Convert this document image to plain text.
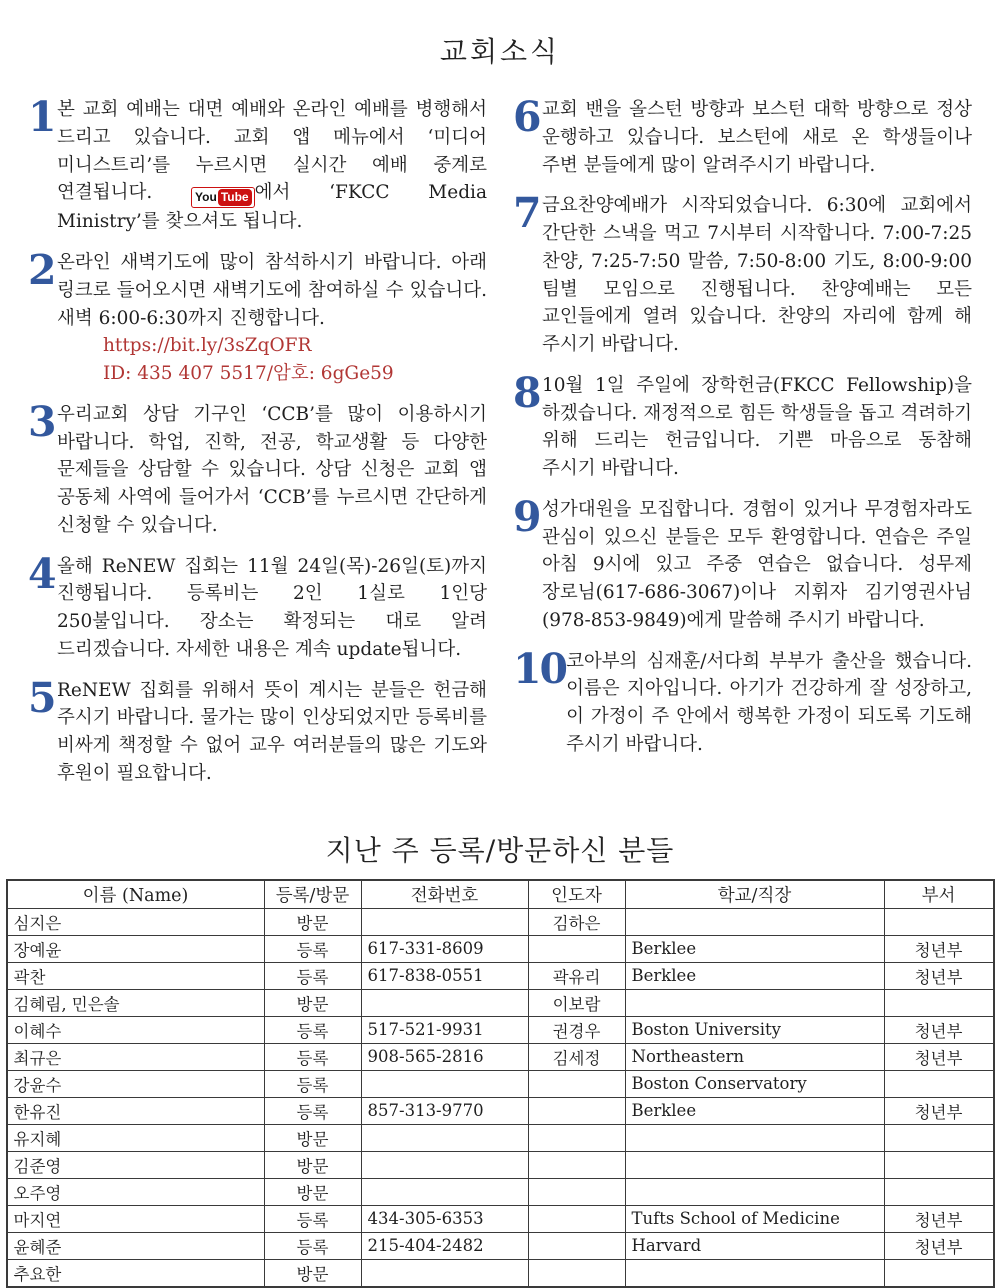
교회소식
1 본 교회 예배는 대면 예배와 온라인 예배를 병행해서 드리고 있습니다. 교회 앱 메뉴에서 ‘미디어 미니스트리’를 누르시면 실시간 예배 중계로 연결됩니다. You Tube 에서 ‘FKCC Media Ministry’를 찾으셔도 됩니다.
2 온라인 새벽기도에 많이 참석하시기 바랍니다. 아래 링크로 들어오시면 새벽기도에 참여하실 수 있습니다. 새벽 6:00-6:30까지 진행합니다.
https://bit.ly/3sZqOFR
ID: 435 407 5517/암호: 6gGe59
3 우리교회 상담 기구인 ‘CCB’를 많이 이용하시기 바랍니다. 학업, 진학, 전공, 학교생활 등 다양한 문제들을 상담할 수 있습니다. 상담 신청은 교회 앱 공동체 사역에 들어가서 ‘CCB’를 누르시면 간단하게 신청할 수 있습니다.
4 올해 ReNEW 집회는 11월 24일(목)-26일(토)까지 진행됩니다. 등록비는 2인 1실로 1인당 250불입니다. 장소는 확정되는 대로 알려 드리겠습니다. 자세한 내용은 계속 update됩니다.
5 ReNEW 집회를 위해서 뜻이 계시는 분들은 헌금해 주시기 바랍니다. 물가는 많이 인상되었지만 등록비를 비싸게 책정할 수 없어 교우 여러분들의 많은 기도와 후원이 필요합니다.
6 교회 밴을 올스턴 방향과 보스턴 대학 방향으로 정상 운행하고 있습니다. 보스턴에 새로 온 학생들이나 주변 분들에게 많이 알려주시기 바랍니다.
7 금요찬양예배가 시작되었습니다. 6:30에 교회에서 간단한 스낵을 먹고 7시부터 시작합니다. 7:00-7:25 찬양, 7:25-7:50 말씀, 7:50-8:00 기도, 8:00-9:00 팀별 모임으로 진행됩니다. 찬양예배는 모든 교인들에게 열려 있습니다. 찬양의 자리에 함께 해 주시기 바랍니다.
8 10월 1일 주일에 장학헌금(FKCC Fellowship)을 하겠습니다. 재정적으로 힘든 학생들을 돕고 격려하기 위해 드리는 헌금입니다. 기쁜 마음으로 동참해 주시기 바랍니다.
9 성가대원을 모집합니다. 경험이 있거나 무경험자라도 관심이 있으신 분들은 모두 환영합니다. 연습은 주일 아침 9시에 있고 주중 연습은 없습니다. 성무제 장로님(617-686-3067)이나 지휘자 김기영권사님(978-853-9849)에게 말씀해 주시기 바랍니다.
10 코아부의 심재훈/서다희 부부가 출산을 했습니다. 이름은 지아입니다. 아기가 건강하게 잘 성장하고, 이 가정이 주 안에서 행복한 가정이 되도록 기도해 주시기 바랍니다.
지난 주 등록/방문하신 분들
이름 (Name)	등록/방문	전화번호	인도자	학교/직장	부서
심지은	방문		김하은		
장예윤	등록	617-331-8609		Berklee	청년부
곽찬	등록	617-838-0551	곽유리	Berklee	청년부
김혜림, 민은솔	방문		이보람		
이혜수	등록	517-521-9931	권경우	Boston University	청년부
최규은	등록	908-565-2816	김세정	Northeastern	청년부
강윤수	등록			Boston Conservatory	
한유진	등록	857-313-9770		Berklee	청년부
유지혜	방문				
김준영	방문				
오주영	방문				
마지연	등록	434-305-6353		Tufts School of Medicine	청년부
윤혜준	등록	215-404-2482		Harvard	청년부
추요한	방문				
